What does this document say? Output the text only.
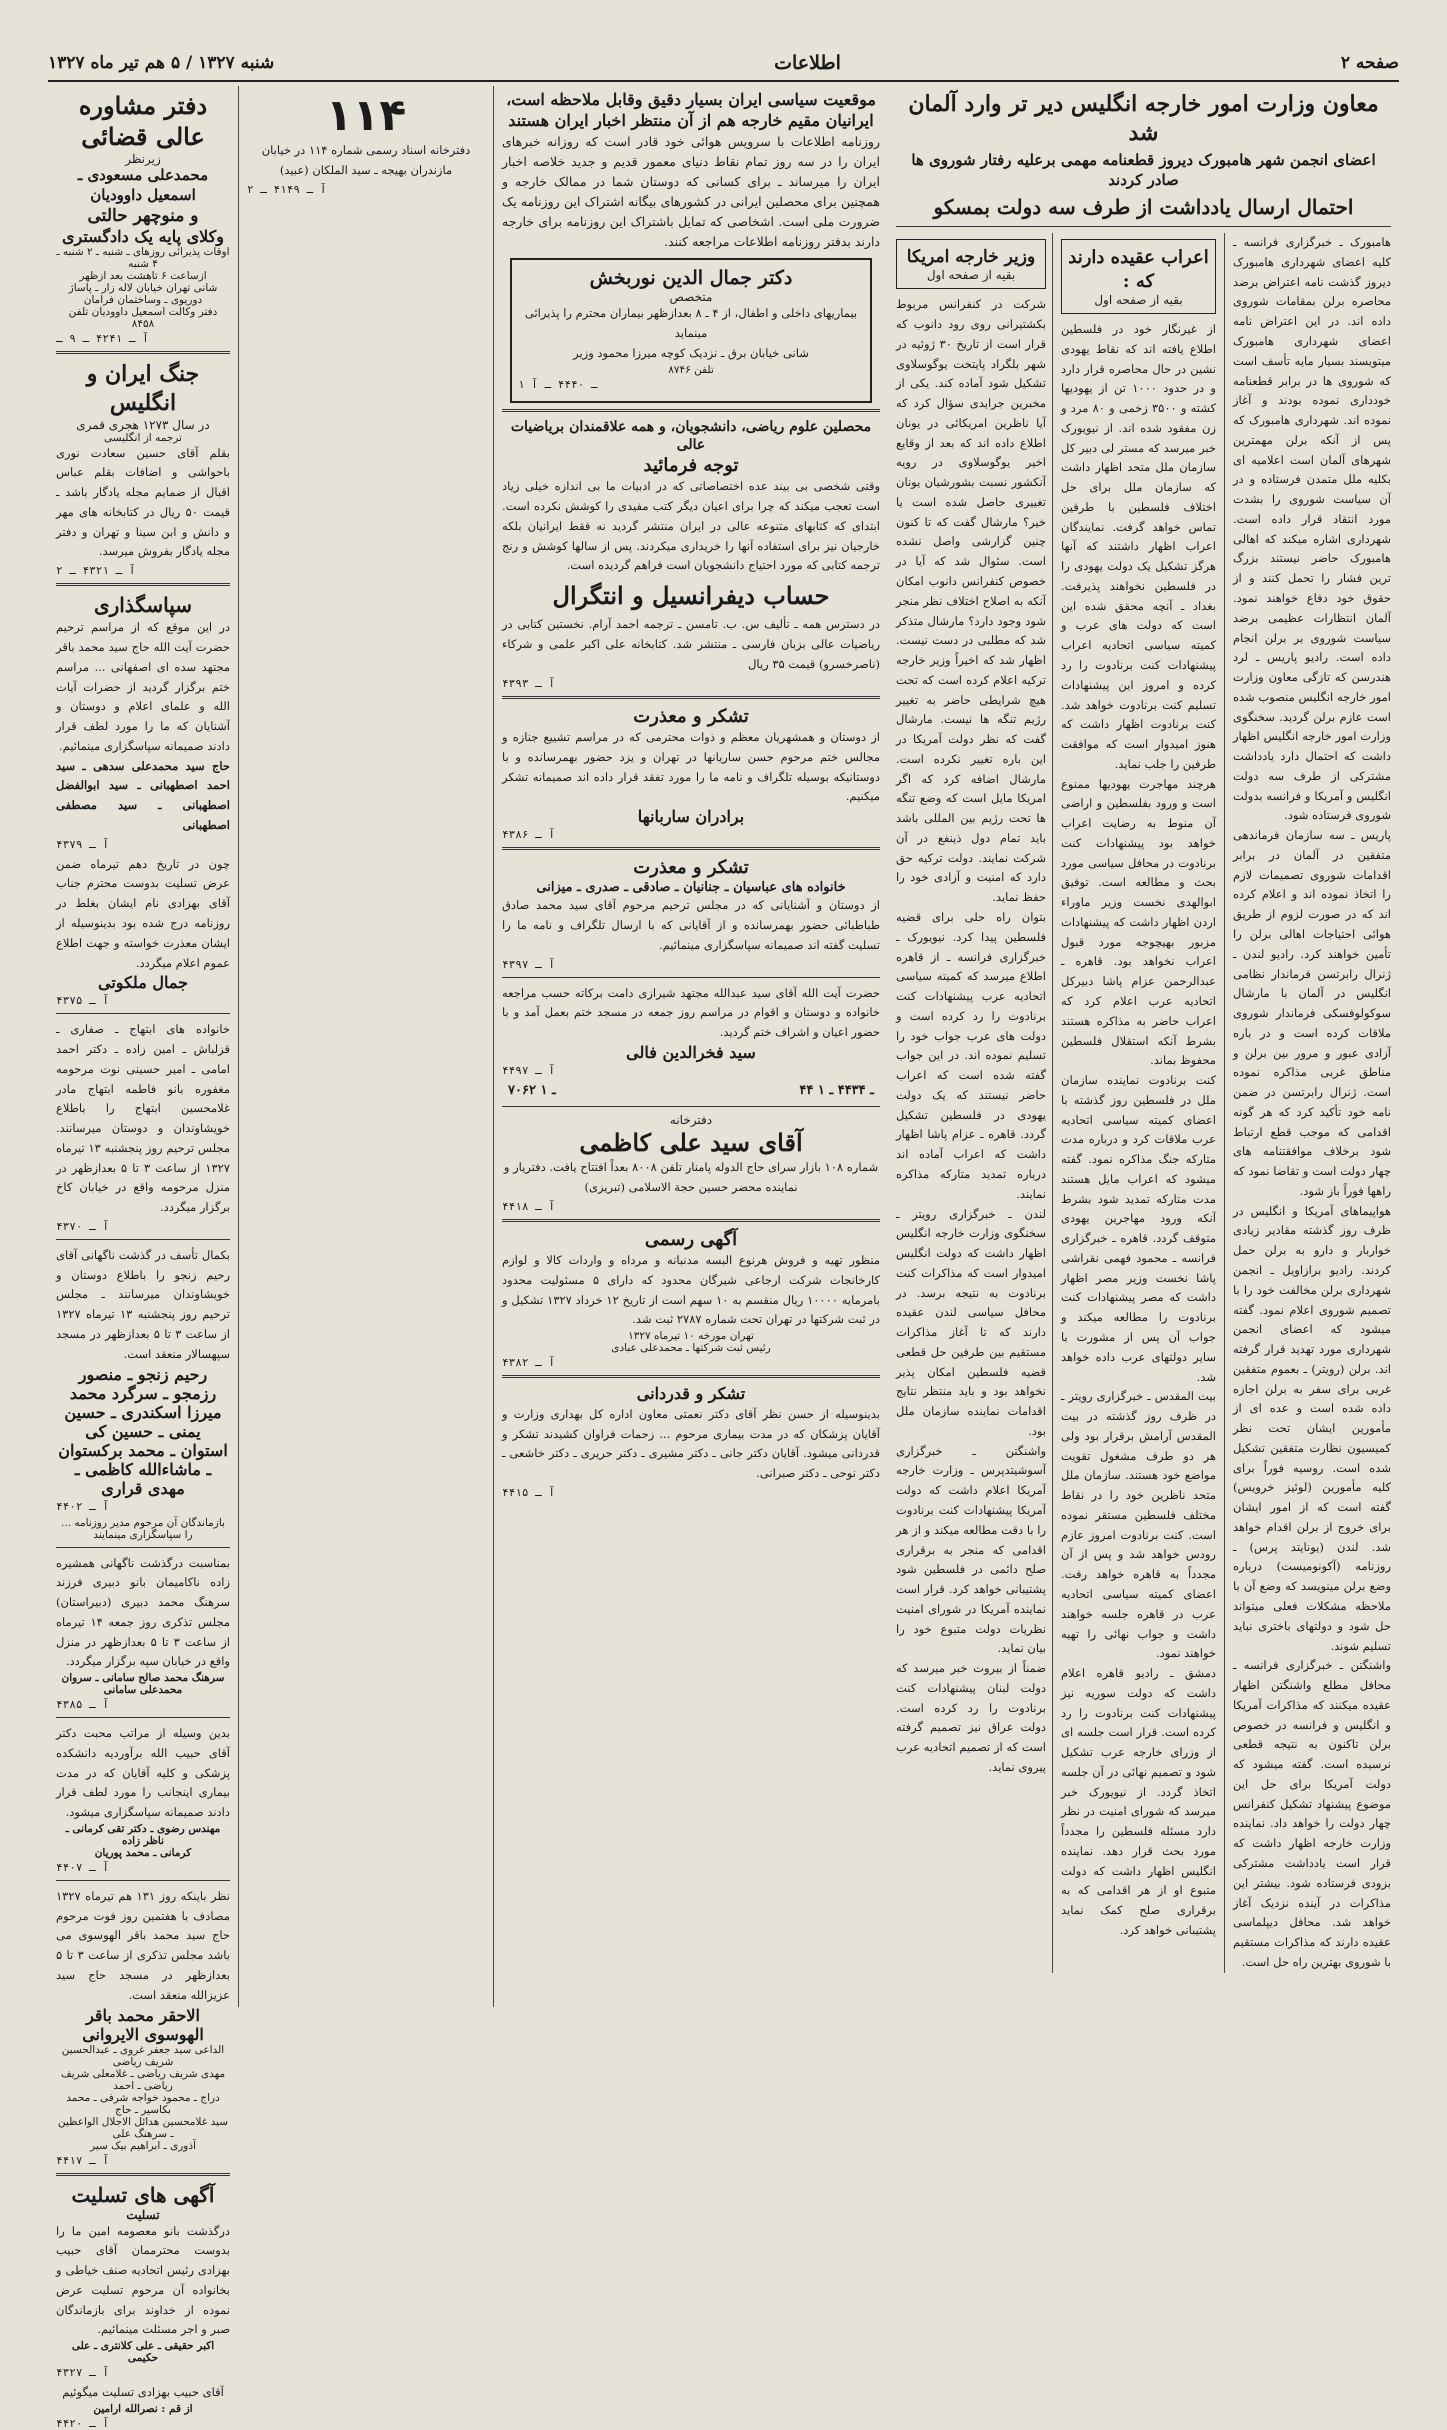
صفحه ۲
اطلاعات
شنبه ۱۳۲۷ / ۵ هم تیر ماه ۱۳۲۷
معاون وزارت امور خارجه انگلیس دیر تر وارد آلمان شد
اعضای انجمن شهر هامبورک دیروز قطعنامه مهمی برعلیه رفتار شوروی ها صادر کردند
احتمال ارسال یادداشت از طرف سه دولت بمسکو
هامبورک ـ خبرگزاری فرانسه ـ کلیه اعضای شهرداری هامبورک دیروز گذشت نامه اعتراض برضد محاصره برلن بمقامات شوروی داده اند. در این اعتراض نامه اعضای شهرداری هامبورک میتویسند بسیار مایه تأسف است که شوروی ها در برابر قطعنامه خودداری نموده بودند و آغاز نموده اند. شهرداری هامبورک که پس از آنکه برلن مهمترین شهرهای آلمان است اعلامیه ای بکلیه ملل متمدن فرستاده و در آن سیاست شوروی را بشدت مورد انتقاد قرار داده است. شهرداری اشاره میکند که اهالی هامبورک حاضر نیستند بزرگ ترین فشار را تحمل کنند و از حقوق خود دفاع خواهند نمود. آلمان انتظارات عظیمی برضد سیاست شوروی بر برلن انجام داده است. رادیو پاریس ـ لرد هندرسن که تازگی معاون وزارت امور خارجه انگلیس منصوب شده است عازم برلن گردید. سخنگوی وزارت امور خارجه انگلیس اظهار داشت که احتمال دارد یادداشت مشترکی از طرف سه دولت انگلیس و آمریکا و فرانسه بدولت شوروی فرستاده شود.
پاریس ـ سه سازمان فرماندهی متفقین در آلمان در برابر اقدامات شوروی تصمیمات لازم را اتخاذ نموده اند و اعلام کرده اند که در صورت لزوم از طریق هوائی احتیاجات اهالی برلن را تأمین خواهند کرد. رادیو لندن ـ ژنرال رابرتسن فرماندار نظامی انگلیس در آلمان با مارشال سوکولوفسکی فرماندار شوروی ملاقات کرده است و در باره آزادی عبور و مرور بین برلن و مناطق غربی مذاکره نموده است. ژنرال رابرتسن در ضمن نامه خود تأکید کرد که هر گونه اقدامی که موجب قطع ارتباط شود برخلاف موافقتنامه های چهار دولت است و تقاضا نمود که راهها فوراً باز شود.
هواپیماهای آمریکا و انگلیس در ظرف روز گذشته مقادیر زیادی خواربار و دارو به برلن حمل کردند. رادیو برازاویل ـ انجمن شهرداری برلن مخالفت خود را با تصمیم شوروی اعلام نمود. گفته میشود که اعضای انجمن شهرداری مورد تهدید قرار گرفته اند. برلن (رویتر) ـ بعموم متفقین غربی برای سفر به برلن اجازه داده شده است و عده ای از مأمورین ایشان تحت نظر کمیسیون نظارت متفقین تشکیل شده است. روسیه فوراً برای کلیه مأمورین (لوئیز خرویس) گفته است که از امور ایشان برای خروج از برلن اقدام خواهد شد. لندن (یونایتد پرس) ـ روزنامه (آکونومیست) درباره وضع برلن مینویسد که وضع آن با ملاحظه مشکلات فعلی میتواند حل شود و دولتهای باختری نباید تسلیم شوند.
واشنگتن ـ خبرگزاری فرانسه ـ محافل مطلع واشنگتن اظهار عقیده میکنند که مذاکرات آمریکا و انگلیس و فرانسه در خصوص برلن تاکنون به نتیجه قطعی نرسیده است. گفته میشود که دولت آمریکا برای حل این موضوع پیشنهاد تشکیل کنفرانس چهار دولت را خواهد داد. نماینده وزارت خارجه اظهار داشت که قرار است یادداشت مشترکی بزودی فرستاده شود. بیشتر این مذاکرات در آینده نزدیک آغاز خواهد شد. محافل دیپلماسی عقیده دارند که مذاکرات مستقیم با شوروی بهترین راه حل است.
اعراب عقیده دارند که :
بقیه از صفحه اول
از غیرنگار خود در فلسطین اطلاع یافته اند که نقاط یهودی نشین در حال محاصره قرار دارد و در حدود ۱۰۰۰ تن از یهودیها کشته و ۳۵۰۰ زخمی و ۸۰ مرد و زن مفقود شده اند. از نیویورک خبر میرسد که مستر لی دبیر کل سازمان ملل متحد اظهار داشت که سازمان ملل برای حل اختلاف فلسطین با طرفین تماس خواهد گرفت. نمایندگان اعراب اظهار داشتند که آنها هرگز تشکیل یک دولت یهودی را در فلسطین نخواهند پذیرفت. بغداد ـ آنچه محقق شده این است که دولت های عرب و کمیته سیاسی اتحادیه اعراب پیشنهادات کنت برنادوت را رد کرده و امروز این پیشنهادات تسلیم کنت برنادوت خواهد شد. کنت برنادوت اظهار داشت که هنوز امیدوار است که موافقت طرفین را جلب نماید.
هرچند مهاجرت یهودیها ممنوع است و ورود بفلسطین و اراضی آن منوط به رضایت اعراب خواهد بود پیشنهادات کنت برنادوت در محافل سیاسی مورد بحث و مطالعه است. توفیق ابوالهدی نخست وزیر ماوراء اردن اظهار داشت که پیشنهادات مزبور بهیچوجه مورد قبول اعراب نخواهد بود. قاهره ـ عبدالرحمن عزام پاشا دبیرکل اتحادیه عرب اعلام کرد که اعراب حاضر به مذاکره هستند بشرط آنکه استقلال فلسطین محفوظ بماند.
کنت برنادوت نماینده سازمان ملل در فلسطین روز گذشته با اعضای کمیته سیاسی اتحادیه عرب ملاقات کرد و درباره مدت متارکه جنگ مذاکره نمود. گفته میشود که اعراب مایل هستند مدت متارکه تمدید شود بشرط آنکه ورود مهاجرین یهودی متوقف گردد. قاهره ـ خبرگزاری فرانسه ـ محمود فهمی نقراشی پاشا نخست وزیر مصر اظهار داشت که مصر پیشنهادات کنت برنادوت را مطالعه میکند و جواب آن پس از مشورت با سایر دولتهای عرب داده خواهد شد.
بیت المقدس ـ خبرگزاری رویتر ـ در ظرف روز گذشته در بیت المقدس آرامش برقرار بود ولی هر دو طرف مشغول تقویت مواضع خود هستند. سازمان ملل متحد ناظرین خود را در نقاط مختلف فلسطین مستقر نموده است. کنت برنادوت امروز عازم رودس خواهد شد و پس از آن مجدداً به قاهره خواهد رفت. اعضای کمیته سیاسی اتحادیه عرب در قاهره جلسه خواهند داشت و جواب نهائی را تهیه خواهند نمود.
دمشق ـ رادیو قاهره اعلام داشت که دولت سوریه نیز پیشنهادات کنت برنادوت را رد کرده است. قرار است جلسه ای از وزرای خارجه عرب تشکیل شود و تصمیم نهائی در آن جلسه اتخاذ گردد. از نیویورک خبر میرسد که شورای امنیت در نظر دارد مسئله فلسطین را مجدداً مورد بحث قرار دهد. نماینده انگلیس اظهار داشت که دولت متبوع او از هر اقدامی که به برقراری صلح کمک نماید پشتیبانی خواهد کرد.
وزیر خارجه امریکا
بقیه از صفحه اول
شرکت در کنفرانس مربوط بکشتیرانی روی رود دانوب که قرار است از تاریخ ۳۰ ژوئیه در شهر بلگراد پایتخت یوگوسلاوی تشکیل شود آماده کند. یکی از مخبرین جرایدی سؤال کرد که آیا ناظرین امریکائی در یونان اطلاع داده اند که بعد از وقایع اخیر یوگوسلاوی در رویه آنکشور نسبت بشورشیان یونان تغییری حاصل شده است یا خیر؟ مارشال گفت که تا کنون چنین گزارشی واصل نشده است. سئوال شد که آیا در خصوص کنفرانس دانوب امکان آنکه به اصلاح اختلاف نظر منجر شود وجود دارد؟ مارشال متذکر شد که مطلبی در دست نیست. اظهار شد که اخیراً وزیر خارجه ترکیه اعلام کرده است که تحت هیچ شرایطی حاضر به تغییر رژیم تنگه ها نیست. مارشال گفت که نظر دولت آمریکا در این باره تغییر نکرده است. مارشال اضافه کرد که اگر امریکا مایل است که وضع تنگه ها تحت رژیم بین المللی باشد باید تمام دول ذینفع در آن شرکت نمایند. دولت ترکیه حق دارد که امنیت و آزادی خود را حفظ نماید.
بتوان راه حلی برای قضیه فلسطین پیدا کرد. نیویورک ـ خبرگزاری فرانسه ـ از قاهره اطلاع میرسد که کمیته سیاسی اتحادیه عرب پیشنهادات کنت برنادوت را رد کرده است و دولت های عرب جواب خود را تسلیم نموده اند. در این جواب گفته شده است که اعراب حاضر نیستند که یک دولت یهودی در فلسطین تشکیل گردد. قاهره ـ عزام پاشا اظهار داشت که اعراب آماده اند درباره تمدید متارکه مذاکره نمایند.
لندن ـ خبرگزاری رویتر ـ سخنگوی وزارت خارجه انگلیس اظهار داشت که دولت انگلیس امیدوار است که مذاکرات کنت برنادوت به نتیجه برسد. در محافل سیاسی لندن عقیده دارند که تا آغاز مذاکرات مستقیم بین طرفین حل قطعی قضیه فلسطین امکان پذیر نخواهد بود و باید منتظر نتایج اقدامات نماینده سازمان ملل بود.
واشنگتن ـ خبرگزاری آسوشیتدپرس ـ وزارت خارجه آمریکا اعلام داشت که دولت آمریکا پیشنهادات کنت برنادوت را با دقت مطالعه میکند و از هر اقدامی که منجر به برقراری صلح دائمی در فلسطین شود پشتیبانی خواهد کرد. قرار است نماینده آمریکا در شورای امنیت نظریات دولت متبوع خود را بیان نماید.
ضمناً از بیروت خبر میرسد که دولت لبنان پیشنهادات کنت برنادوت را رد کرده است. دولت عراق نیز تصمیم گرفته است که از تصمیم اتحادیه عرب پیروی نماید.
موقعیت سیاسی ایران بسیار دقیق وقابل ملاحظه است، ایرانیان مقیم خارجه هم از آن منتظر اخبار ایران هستند
روزنامه اطلاعات با سرویس هوائی خود قادر است که روزانه خبرهای ایران را در سه روز تمام نقاط دنیای معمور قدیم و جدید خلاصه اخبار ایران را میرساند ـ برای کسانی که دوستان شما در ممالک خارجه و همچنین برای محصلین ایرانی در کشورهای بیگانه اشتراک این روزنامه یک ضرورت ملی است. اشخاصی که تمایل باشتراک این روزنامه برای خارجه دارند بدفتر روزنامه اطلاعات مراجعه کنند.
دکتر جمال الدین نوربخش
متخصص
بیماریهای داخلی و اطفال، از ۴ ـ ۸ بعدازظهر بیماران محترم را پذیرائی مینماید
شانی خیابان برق ـ نزدیک کوچه میرزا محمود وزیر
تلفن ۸۷۴۶
۱ ـ ۴۴۴۰ ـ آ
محصلین علوم ریاضی، دانشجویان، و همه علاقمندان بریاضیات عالی
توجه فرمائید
وقتی شخصی بی بیند عده اختصاصاتی که در ادبیات ما بی اندازه خیلی زیاد است تعجب میکند که چرا برای اعیان دیگر کتب مفیدی را کوشش نکرده است. ابتدای که کتابهای متنوعه عالی در ایران منتشر گردید نه فقط ایرانیان بلکه خارجیان نیز برای استفاده آنها را خریداری میکردند. پس از سالها کوشش و رنج ترجمه کتابی که مورد احتیاج دانشجویان است فراهم گردیده است.
حساب دیفرانسیل و انتگرال
در دسترس همه ـ تألیف س. ب. تامسن ـ ترجمه احمد آرام. نخستین کتابی در ریاضیات عالی بزبان فارسی ـ منتشر شد. کتابخانه علی اکبر علمی و شرکاء (ناصرخسرو) قیمت ۳۵ ریال
آ ـ ۴۳۹۳
تشکر و معذرت
از دوستان و همشهریان معظم و ذوات محترمی که در مراسم تشییع جنازه و مجالس ختم مرحوم حسن ساریانها در تهران و یزد حضور بهمرسانده و با دوستانیکه بوسیله تلگراف و نامه ما را مورد تفقد قرار داده اند صمیمانه تشکر میکنیم.
برادران ساربانها
آ ـ ۴۳۸۶
تشکر و معذرت
خانواده های عباسیان ـ جنانیان ـ صادقی ـ صدری ـ میزانی
از دوستان و آشنایانی که در مجلس ترحیم مرحوم آقای سید محمد صادق طباطبائی حضور بهمرسانده و از آقایانی که با ارسال تلگراف و نامه ما را تسلیت گفته اند صمیمانه سپاسگزاری مینمائیم.
آ ـ ۴۳۹۷
حضرت آیت الله آقای سید عبدالله مجتهد شیرازی دامت برکاته حسب مراجعه خانواده و دوستان و اقوام در مراسم روز جمعه در مسجد ختم بعمل آمد و با حضور اعیان و اشراف ختم گردید.
سید فخرالدین فالی
آ ـ ۴۴۹۷
۷۰۶۲ ـ ۱	۴۴ ـ ۴۴۳۴ ـ ۱
دفترخانه
آقای سید علی کاظمی
شماره ۱۰۸ بازار سرای حاج الدوله پامنار تلفن ۸۰۰۸ بعداً افتتاح یافت. دفتریار و نماینده محضر حسین حجة الاسلامی (تبریزی)
آ ـ ۴۴۱۸
آگهی رسمی
منظور تهیه و فروش هرنوع البسه مدنبانه و مرداه و واردات کالا و لوازم کارخانجات شرکت ارجاعی شیرگان محدود که دارای ۵ مسئولیت محدود بامرمایه ۱۰۰۰۰ ریال منقسم به ۱۰ سهم است از تاریخ ۱۲ خرداد ۱۳۲۷ تشکیل و در ثبت شرکتها در تهران تحت شماره ۲۷۸۷ ثبت شد.
تهران مورخه ۱۰ تیرماه ۱۳۲۷
رئیس ثبت شرکتها ـ محمدعلی عبادی
آ ـ ۴۳۸۲
تشکر و قدردانی
بدینوسیله از حسن نظر آقای دکتر نعمتی معاون اداره کل بهداری وزارت و آقایان پزشکان که در مدت بیماری مرحوم ... زحمات فراوان کشیدند تشکر و قدردانی میشود. آقایان دکتر جانی ـ دکتر مشیری ـ دکتر حریری ـ دکتر خاشعی ـ دکتر نوحی ـ دکتر صبرانی.
آ ـ ۴۴۱۵
۱۱۴
دفترخانه اسناد رسمی شماره ۱۱۴ در خیابان مازندران بهیجه ـ سید الملکان (عبید)
آ ـ ۴۱۴۹ ـ ۲
دفتر مشاوره عالی قضائی
زیرنظر
محمدعلی مسعودی ـ اسمعیل داوودیان
و منوچهر حالتی
وکلای پایه یک دادگستری
اوقات پذیرائی روزهای ـ شنبه ـ ۲ شنبه ـ ۴ شنبه
ازساعت ۶ تاهشت بعد ازظهر
شانی تهران خیابان لاله زار ـ پاساژ دوریوی ـ وساختمان فرامان
دفتر وکالت اسمعیل داوودیان تلفن ۸۴۵۸
آ ـ ۴۲۴۱ ـ ۹ ـ
جنگ ایران و انگلیس
در سال ۱۲۷۳ هجری قمری
ترجمه از انگلیسی
بقلم آقای حسین سعادت نوری باحواشی و اضافات بقلم عباس اقبال از ضمایم مجله یادگار باشد ـ قیمت ۵۰ ریال در کتابخانه های مهر و دانش و ابن سینا و تهران و دفتر مجله یادگار بفروش میرسد.
آ ـ ۴۳۲۱ ـ ۲
سپاسگذاری
در این موقع که از مراسم ترحیم حضرت آیت الله حاج سید محمد باقر مجتهد سده ای اصفهانی ... مراسم ختم برگزار گردید از حضرات آیات الله و علمای اعلام و دوستان و آشنایان که ما را مورد لطف قرار دادند صمیمانه سپاسگزاری مینمائیم.
حاج سید محمدعلی سدهی ـ سید احمد اصطهبانی ـ سید ابوالفضل اصطهبانی ـ سید مصطفی اصطهبانی
آ ـ ۴۳۷۹
چون در تاریخ دهم تیرماه ضمن عرض تسلیت بدوست محترم جناب آقای بهزادی نام ایشان بغلط در روزنامه درج شده بود بدینوسیله از ایشان معذرت خواسته و جهت اطلاع عموم اعلام میگردد.
جمال ملکوتی
آ ـ ۴۳۷۵
خانواده های ابتهاج ـ صفاری ـ قزلباش ـ امین زاده ـ دکتر احمد امامی ـ امیر حسینی نوت مرحومه مغفوره بانو فاطمه ابتهاج مادر غلامحسین ابتهاج را باطلاع خویشاوندان و دوستان میرسانند. مجلس ترحیم روز پنجشنبه ۱۳ تیرماه ۱۳۲۷ از ساعت ۳ تا ۵ بعدازظهر در منزل مرحومه واقع در خیابان کاخ برگزار میگردد.
آ ـ ۴۳۷۰
بکمال تأسف در گذشت ناگهانی آقای رحیم زنجو را باطلاع دوستان و خویشاوندان میرسانند ـ مجلس ترحیم روز پنجشنبه ۱۳ تیرماه ۱۳۲۷ از ساعت ۳ تا ۵ بعدازظهر در مسجد سپهسالار منعقد است.
رحیم زنجو ـ منصور رزمجو ـ سرگرد محمد
میرزا اسکندری ـ حسین یمنی ـ حسین کی
استوان ـ محمد برکستوان ـ ماشاءالله کاظمی ـ مهدی قراری
آ ـ ۴۴۰۲
بازماندگان آن مرحوم مدیر روزنامه ... را سپاسگزاری مینمایند
بمناسبت درگذشت ناگهانی همشیره زاده ناکامیمان بانو دبیری فرزند سرهنگ محمد دبیری (دبیراستان) مجلس تذکری روز جمعه ۱۴ تیرماه از ساعت ۳ تا ۵ بعدازظهر در منزل واقع در خیابان سپه برگزار میگردد.
سرهنگ محمد صالح سامانی ـ سروان محمدعلی سامانی
آ ـ ۴۳۸۵
بدین وسیله از مراتب محبت دکتر آقای حبیب الله برآوردیه دانشکده پزشکی و کلیه آقایان که در مدت بیماری اینجانب را مورد لطف قرار دادند صمیمانه سپاسگزاری میشود.
مهندس رضوی ـ دکتر تقی کرمانی ـ ناظر زاده
کرمانی ـ محمد پوریان
آ ـ ۴۴۰۷
نظر باینکه روز ۱۳۱ هم تیرماه ۱۳۲۷ مصادف با هفتمین روز فوت مرحوم حاج سید محمد باقر الهوسوی می باشد مجلس تذکری از ساعت ۳ تا ۵ بعدازظهر در مسجد حاج سید عزیزالله منعقد است.
الاحقر محمد باقر الهوسوی الایروانی
الداعی سید جعفر غروی ـ عبدالحسین شریف ریاضی
مهدی شریف ریاضی ـ غلامعلی شریف ریاضی ـ احمد
دراج ـ محمود خواجه شرفی ـ محمد بکاسیر ـ حاج
سید غلامحسین هدائل الاجلال الواعظین ـ سرهنگ علی
آذوری ـ ابراهیم بیک سیر
آ ـ ۴۴۱۷
آگهی های تسلیت
تسلیت
درگذشت بانو معصومه امین ما را بدوست محترممان آقای حبیب بهزادی رئیس اتحادیه صنف خیاطی و بخانواده آن مرحوم تسلیت عرض نموده از خداوند برای بازماندگان صبر و اجر مسئلت مینمائیم.
اکبر حقیقی ـ علی کلانتری ـ علی حکیمی
آ ـ ۴۳۲۷
آقای حبیب بهزادی تسلیت میگوئیم
از قم : نصرالله ارامین
آ ـ ۴۴۲۰
